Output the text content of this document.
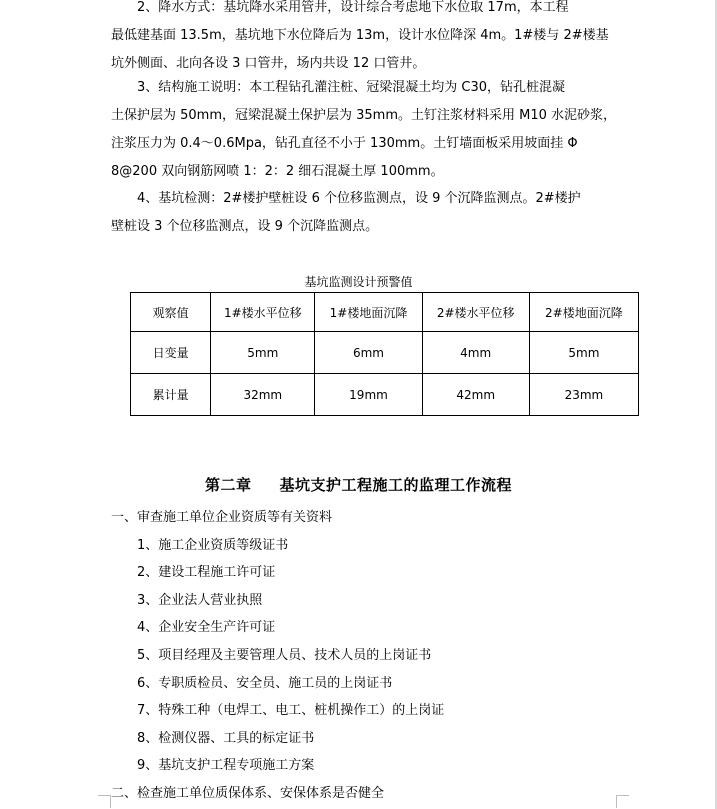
2、降水方式：基坑降水采用管井，设计综合考虑地下水位取 17m，本工程
最低建基面 13.5m，基坑地下水位降后为 13m，设计水位降深 4m。1#楼与 2#楼基
坑外侧面、北向各设 3 口管井，场内共设 12 口管井。
3、结构施工说明：本工程钻孔灌注桩、冠梁混凝土均为 C30，钻孔桩混凝
土保护层为 50mm，冠梁混凝土保护层为 35mm。土钉注浆材料采用 M10 水泥砂浆，
注浆压力为 0.4～0.6Mpa，钻孔直径不小于 130mm。土钉墙面板采用坡面挂 Φ
8@200 双向钢筋网喷 1：2：2 细石混凝土厚 100mm。
4、基坑检测：2#楼护壁桩设 6 个位移监测点，设 9 个沉降监测点。2#楼护
壁桩设 3 个位移监测点，设 9 个沉降监测点。
基坑监测设计预警值
观察值	1#楼水平位移	1#楼地面沉降	2#楼水平位移	2#楼地面沉降
日变量	5mm	6mm	4mm	5mm
累计量	32mm	19mm	42mm	23mm
第二章 基坑支护工程施工的监理工作流程
一、审查施工单位企业资质等有关资料
1、施工企业资质等级证书
2、建设工程施工许可证
3、企业法人营业执照
4、企业安全生产许可证
5、项目经理及主要管理人员、技术人员的上岗证书
6、专职质检员、安全员、施工员的上岗证书
7、特殊工种（电焊工、电工、桩机操作工）的上岗证
8、检测仪器、工具的标定证书
9、基坑支护工程专项施工方案
二、检查施工单位质保体系、安保体系是否健全
